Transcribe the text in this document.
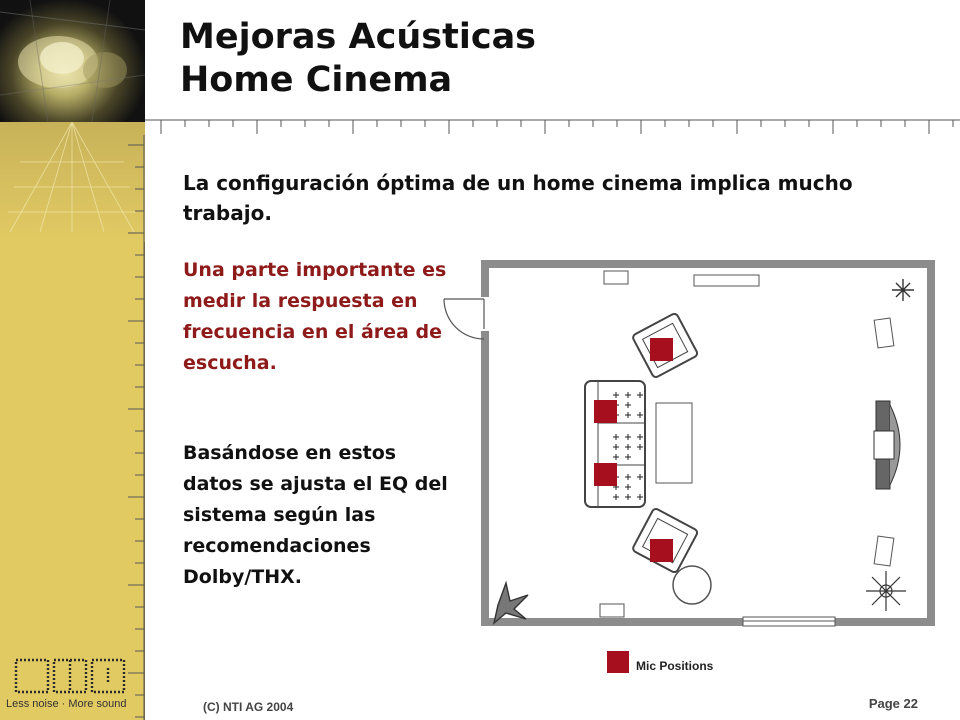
Mejoras Acústicas
Home Cinema

La configuración óptima de un home cinema implica mucho trabajo.

Una parte importante es medir la respuesta en frecuencia en el área de escucha.

Basándose en estos datos se ajusta el EQ del sistema según las recomendaciones Dolby/THX.

Mic Positions
Less noise · More sound	(C) NTI AG 2004	Page 22
